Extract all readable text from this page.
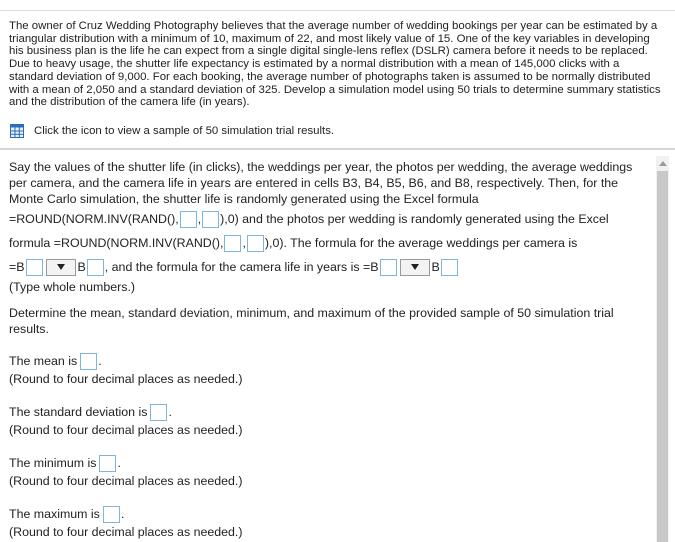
The owner of Cruz Wedding Photography believes that the average number of wedding bookings per year can be estimated by a triangular distribution with a minimum of 10, maximum of 22, and most likely value of 15. One of the key variables in developing his business plan is the life he can expect from a single digital single-lens reflex (DSLR) camera before it needs to be replaced. Due to heavy usage, the shutter life expectancy is estimated by a normal distribution with a mean of 145,000 clicks with a standard deviation of 9,000. For each booking, the average number of photographs taken is assumed to be normally distributed with a mean of 2,050 and a standard deviation of 325. Develop a simulation model using 50 trials to determine summary statistics and the distribution of the camera life (in years).
Click the icon to view a sample of 50 simulation trial results.

Say the values of the shutter life (in clicks), the weddings per year, the photos per wedding, the average weddings per camera, and the camera life in years are entered in cells B3, B4, B5, B6, and B8, respectively. Then, for the Monte Carlo simulation, the shutter life is randomly generated using the Excel formula

=ROUND(NORM.INV(RAND(), , ),0) and the photos per wedding is randomly generated using the Excel
formula =ROUND(NORM.INV(RAND(), , ),0). The formula for the average weddings per camera is
=B	B , and the formula for the camera life in years is =B	B
(Type whole numbers.)
Determine the mean, standard deviation, minimum, and maximum of the provided sample of 50 simulation trial results.
The mean is .
(Round to four decimal places as needed.)
The standard deviation is .
(Round to four decimal places as needed.)
The minimum is .
(Round to four decimal places as needed.)
The maximum is .
(Round to four decimal places as needed.)
